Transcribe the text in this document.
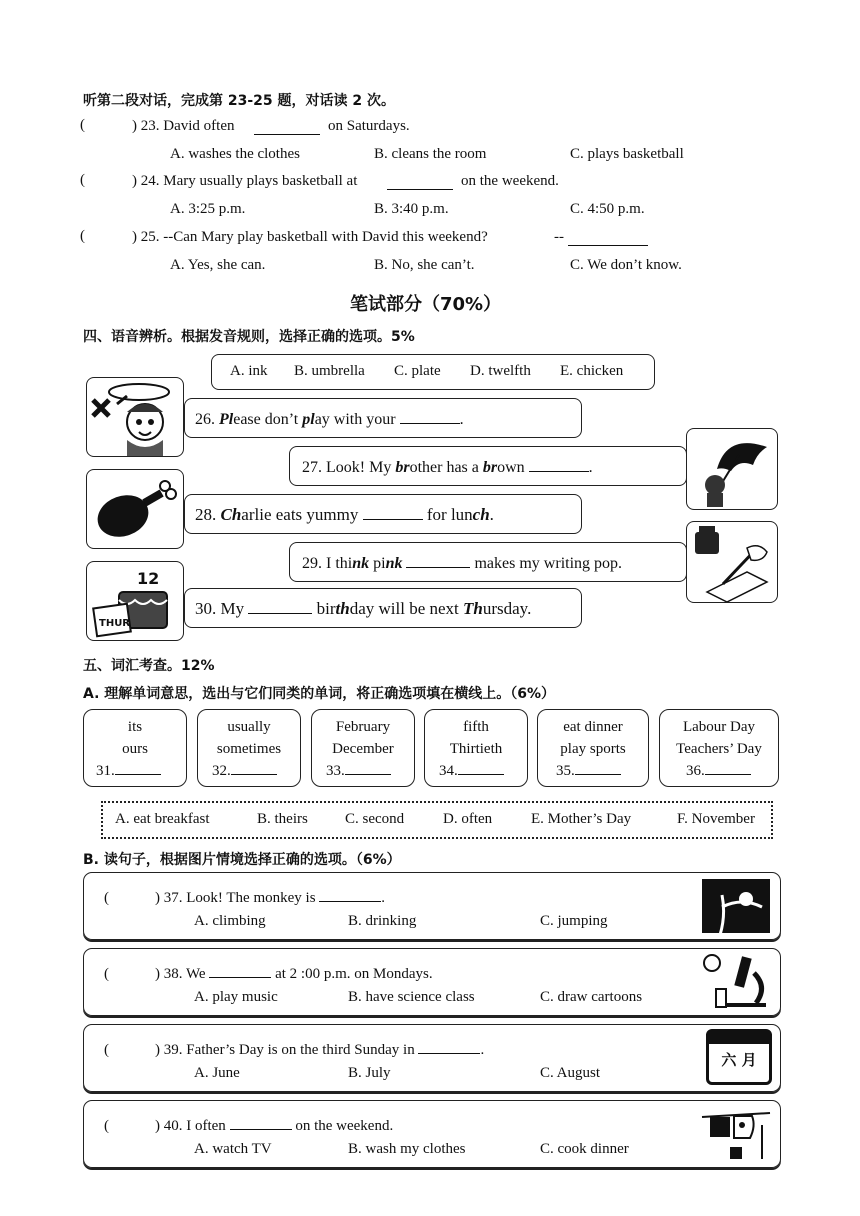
听第二段对话，完成第 23-25 题，对话读 2 次。
(	) 23. David often	on Saturdays.
A. washes the clothes	B. cleans the room	C. plays basketball
(	) 24. Mary usually plays basketball at	on the weekend.
A. 3:25 p.m.	B. 3:40 p.m.	C. 4:50 p.m.
(	) 25. --Can Mary play basketball with David this weekend?	--
A. Yes, she can.	B. No, she can’t.	C. We don’t know.
笔试部分（70%）
四、语音辨析。根据发音规则，选择正确的选项。5%
A. ink B. umbrella C. plate D. twelfth E. chicken
12
THUR
26. Please don’t play with your	.
27. Look! My brother has a brown	.
28. Charlie eats yummy	for lunch.
29. I think pink	makes my writing pop.
30. My	birthday will be next Thursday.
五、词汇考查。12%
A. 理解单词意思，选出与它们同类的单词，将正确选项填在横线上。（6%）
its
ours
31.
usually
sometimes
32.
February
December
33.
fifth
Thirtieth
34.
eat dinner
play sports
35.
Labour Day
Teachers’ Day
36.
A. eat breakfast	B. theirs C. second	D. often	E. Mother’s Day	F. November
B. 读句子，根据图片情境选择正确的选项。（6%）
(	) 37. Look! The monkey is	.
A. climbing	B. drinking	C. jumping
(	) 38. We	at 2 :00 p.m. on Mondays.
A. play music	B. have science class	C. draw cartoons
(	) 39. Father’s Day is on the third Sunday in	.
A. June	B. July	C. August
六 月
(	) 40. I often	on the weekend.
A. watch TV	B. wash my clothes	C. cook dinner
